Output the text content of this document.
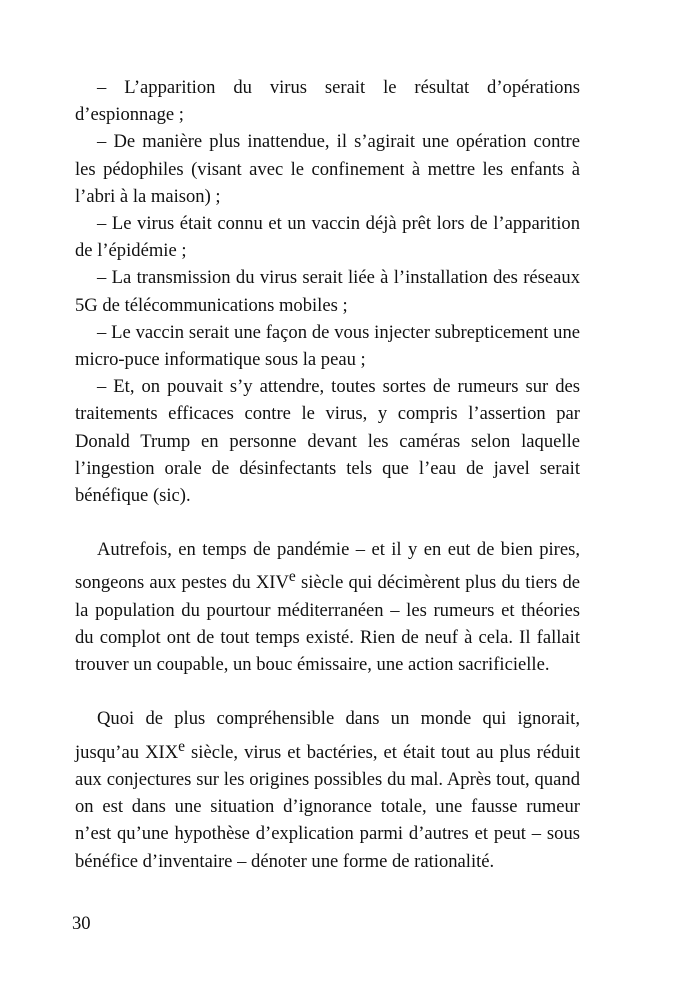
– L’apparition du virus serait le résultat d’opérations d’espionnage ;

– De manière plus inattendue, il s’agirait une opération contre les pédophiles (visant avec le confinement à mettre les enfants à l’abri à la maison) ;

– Le virus était connu et un vaccin déjà prêt lors de l’apparition de l’épidémie ;

– La transmission du virus serait liée à l’installation des réseaux 5G de télécommunications mobiles ;

– Le vaccin serait une façon de vous injecter subrepticement une micro-puce informatique sous la peau ;

– Et, on pouvait s’y attendre, toutes sortes de rumeurs sur des traitements efficaces contre le virus, y compris l’assertion par Donald Trump en personne devant les caméras selon laquelle l’ingestion orale de désinfectants tels que l’eau de javel serait bénéfique (sic).

Autrefois, en temps de pandémie – et il y en eut de bien pires, songeons aux pestes du XIVe siècle qui décimèrent plus du tiers de la population du pourtour méditerranéen – les rumeurs et théories du complot ont de tout temps existé. Rien de neuf à cela. Il fallait trouver un coupable, un bouc émissaire, une action sacrificielle.

Quoi de plus compréhensible dans un monde qui ignorait, jusqu’au XIXe siècle, virus et bactéries, et était tout au plus réduit aux conjectures sur les origines possibles du mal. Après tout, quand on est dans une situation d’ignorance totale, une fausse rumeur n’est qu’une hypothèse d’explication parmi d’autres et peut – sous bénéfice d’inventaire – dénoter une forme de rationalité.

30
